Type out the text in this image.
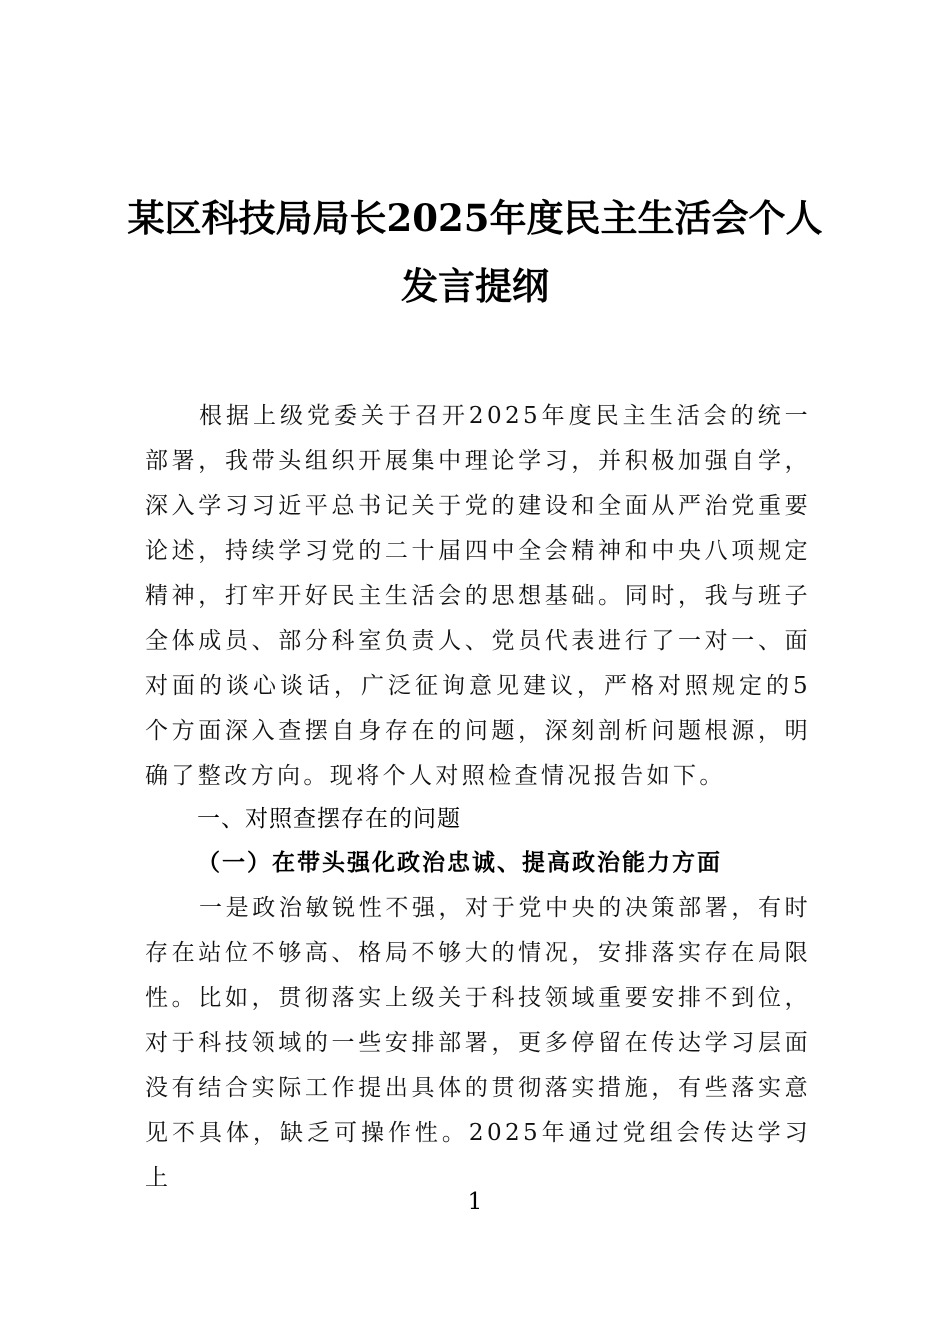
某区科技局局长2025年度民主生活会个人
发言提纲
根据上级党委关于召开2025年度民主生活会的统一部署，我带头组织开展集中理论学习，并积极加强自学，深入学习习近平总书记关于党的建设和全面从严治党重要论述，持续学习党的二十届四中全会精神和中央八项规定精神，打牢开好民主生活会的思想基础。同时，我与班子全体成员、部分科室负责人、党员代表进行了一对一、面对面的谈心谈话，广泛征询意见建议，严格对照规定的5个方面深入查摆自身存在的问题，深刻剖析问题根源，明确了整改方向。现将个人对照检查情况报告如下。
一、对照查摆存在的问题
（一）在带头强化政治忠诚、提高政治能力方面
一是政治敏锐性不强，对于党中央的决策部署，有时存在站位不够高、格局不够大的情况，安排落实存在局限性。比如，贯彻落实上级关于科技领域重要安排不到位，对于科技领域的一些安排部署，更多停留在传达学习层面没有结合实际工作提出具体的贯彻落实措施，有些落实意见不具体，缺乏可操作性。2025年通过党组会传达学习上
1
